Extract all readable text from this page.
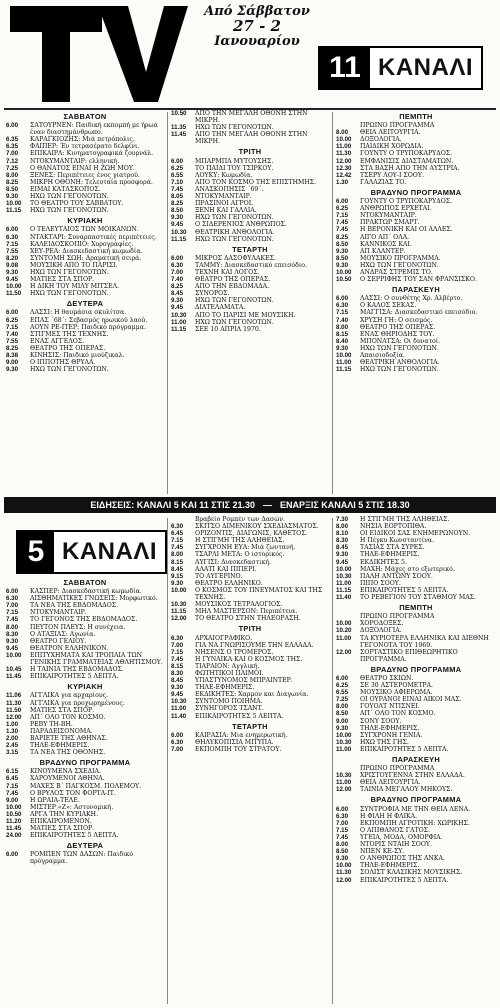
Από Σάββατον
27 - 2
Ιανουαρίου
11 ΚΑΝΑΛΙ
ΣΑΒΒΑΤΟΝ
6.00	ΣΑΤΟΥΡΝΕΝ: Παιδική εκπομπή με ήρωα έναν διαστημάνθρωπο.
6.35	ΚΑΡΑΓΚΙΟΖΗΣ: Μιά πετρόπολις.
6.35	ΦΑΙΠΕΡ: Έν τετρασέρατο δελφίνι.
7.00	ΕΠΙΚΑΙΡΑ: Κινηματογραφικά ζουρνάλ.
7.12	ΝΤΟΚΥΜΑΝΤΑΙΡ: ελληνική.
7.25	Ο ΘΑΝΑΤΟΣ ΕΙΝΑΙ Η ΖΩΗ ΜΟΥ.
8.00	ΞΕΝΕΣ: Περιπέτειες ένος γιατρού.
8.25	ΜΙΚΡΗ ΟΘΟΝΗ: Τελευταία προσφορά.
8.50	ΕΙΜΑΙ ΚΑΤΑΣΚΟΠΟΣ.
9.30	ΗΧΩ ΤΩΝ ΓΕΓΟΝΟΤΩΝ.
10.00	ΤΟ ΘΕΑΤΡΟ ΤΟΥ ΣΑΒΒΑΤΟΥ.
11.15	ΗΧΩ ΤΩΝ ΓΕΓΟΝΟΤΩΝ.
ΚΥΡΙΑΚΗ
6.00	Ο ΤΕΛΕΥΤΑΙΟΣ ΤΩΝ ΜΟΙΚΑΝΩΝ.
6.30	ΝΤΑΚΤΑΡΙ: Συναρπαστικές περιπέτειες.
7.15	ΚΑΛΕΙΔΟΣΚΟΠΙΟ: Χορογραφίες.
7.55	ΧΕΥ-ΡΕΑ: Διασκεδαστική κωμωδία.
8.20	ΣΥΝΤΟΜΗ ΣΩΗ: Δραματική σειρά.
9.08	ΜΟΥΣΙΚΗ ΑΠΟ ΤΟ ΠΑΡΙΣΙ.
9.30	ΗΧΩ ΤΩΝ ΓΕΓΟΝΟΤΩΝ.
9.45	ΜΑΤΙΕΣ ΣΤΑ ΣΠΟΡ.
10.00	Η ΔΙΚΗ ΤΟΥ ΜΙΛΥ ΜΙΤΣΕΛ.
11.50	ΗΧΩ ΤΩΝ ΓΕΓΟΝΟΤΩΝ.
ΔΕΥΤΕΡΑ
6.00	ΛΑΣΣΙ: Η θαυμάσια σκυλίτσα.
6.25	ΕΠΑΣ ΄68΄: Σεβασμός ηρωικού λαού.
7.15	ΑΟΥΝ ΡΕ-ΙΤΕΡ: Παιδικό πρόγραμμα.
7.40	ΣΤΙΓΜΕΣ ΤΗΣ ΤΕΧΝΗΣ.
7.55	ΕΝΑΣ ΑΓΓΕΛΟΣ.
8.25	ΘΕΑΤΡΟ ΤΗΣ ΟΠΕΡΑΣ.
8.38	ΚΙΝΗΣΙΣ: Παιδικό μιούζικαλ.
9.00	Ο ΙΠΠΟΤΗΣ ΘΡΥΛΑ.
9.30	ΗΧΩ ΤΩΝ ΓΕΓΟΝΟΤΩΝ.
10.50	ΑΠΟ ΤΗΝ ΜΕΓΑΛΗ ΟΘΟΝΗ ΣΤΗΝ ΜΙΚΡΗ.
11.35	ΗΧΩ ΤΩΝ ΓΕΓΟΝΟΤΩΝ.
11.45	ΑΠΟ ΤΗΝ ΜΕΓΑΛΗ ΟΘΟΝΗ ΣΤΗΝ ΜΙΚΡΗ.
ΤΡΙΤΗ
6.00	ΜΠΑΡΜΠΑ ΜΥΤΟΥΣΗΣ.
6.25	ΤΟ ΠΑΙΔΙ ΤΟΥ ΤΣΙΡΚΟΥ.
6.55	ΛΟΥΚΥ: Κωμωδία.
7.10	ΑΠΟ ΤΟΝ ΚΟΣΜΟ ΤΗΣ ΕΠΙΣΤΗΜΗΣ.
7.45	ΑΝΑΣΚΟΠΗΣΙΣ ΄69΄.
8.05	ΝΤΟΚΥΜΑΝΤΑΙΡ.
8.25	ΠΡΑΣΙΝΟΙ ΑΓΡΟΙ.
8.50	ΞΕΝΗ ΚΑΙ ΓΑΛΛΙΑ.
9.30	ΗΧΩ ΤΩΝ ΓΕΓΟΝΟΤΩΝ.
9.45	Ο ΣΙΔΕΡΕΝΙΟΣ ΑΝΘΡΩΠΟΣ.
10.30	ΘΕΑΤΡΙΚΗ ΑΝΘΟΛΟΓΙΑ.
11.15	ΗΧΩ ΤΩΝ ΓΕΓΟΝΟΤΩΝ.
ΤΕΤΑΡΤΗ
6.00	ΜΙΚΡΟΣ ΔΑΣΟΦΥΛΑΚΕΣ.
6.30	ΤΑΜΜΥ: Διασκεδαστικό επεισόδιο.
7.00	ΤΕΧΝΗ ΚΑΙ ΛΟΓΟΣ.
7.40	ΘΕΑΤΡΟ ΤΗΣ ΟΠΕΡΑΣ.
8.25	ΑΠΟ ΤΗΝ ΕΒΔΟΜΑΔΑ.
8.45	ΣΥΝΟΡΟΣ.
9.30	ΗΧΩ ΤΩΝ ΓΕΓΟΝΟΤΩΝ.
9.45	ΔΙΑΤΕΛΑΜΑΤΑ.
10.30	ΑΠΟ ΤΟ ΠΑΡΙΣΙ ΜΕ ΜΟΥΣΙΚΗ.
11.00	ΗΧΩ ΤΩΝ ΓΕΓΟΝΟΤΩΝ.
11.15	ΣΕΕ 10 ΑΠΡΙΛ 1970.
ΠΕΜΠΤΗ
ΠΡΩΙΝΟ ΠΡΟΓΡΑΜΜΑ
8.00	ΘΕΙΑ ΛΕΙΤΟΥΡΓΙΑ.
10.00	ΔΟΞΟΛΟΓΙΑ.
11.00	ΠΑΙΔΙΚΗ ΧΟΡΩΔΙΑ.
11.30	ΓΟΥΝΤΥ Ο ΤΡΥΠΟΚΑΡΥΔΟΣ.
12.00	ΕΜΦΑΝΙΣΙΣ ΔΙΑΣΤΑΜΑΤΩΝ.
12.30	ΣΤΑ ΒΑΣΗ ΑΠΟ ΤΗΝ ΑΥΣΤΡΙΑ.
12.42	ΤΣΕΡΥ ΛΟΥ-Ι ΣΟΟΥ.
1.30	ΓΑΛΑΖΙΑΣ ΤΟ.
ΒΡΑΔΥΝΟ ΠΡΟΓΡΑΜΜΑ
6.00	ΓΟΥΝΤΥ Ο ΤΡΥΠΟΚΑΡΥΔΟΣ.
6.25	ΑΝΘΡΩΠΟΣ ΕΡΧΕΤΑΙ.
7.15	ΝΤΟΚΥΜΑΝΤΑΙΡ.
7.45	ΠΡΑΚΤΩΡ ΣΜΑΡΤ.
7.45	Η ΒΕΡΟΝΙΚΗ ΚΑΙ ΟΙ ΑΛΛΕΣ.
8.25	ΑΙΓΟ ΑΠ΄ ΟΛΑ.
8.50	ΚΑΝΝΙΚΟΣ ΚΑΙ.
9.30	ΑΠ ΚΛΑΝΤΕΡ.
8.50	ΜΟΥΣΙΚΟ ΠΡΟΓΡΑΜΜΑ.
9.30	ΗΧΩ ΤΩΝ ΓΕΓΟΝΟΤΩΝ.
10.00	ΑΝΔΡΑΣ ΣΤΡΕΜΙΣ ΤΟ.
10.50	Ο ΣΕΡΡΙΦΗΣ ΤΟΥ ΣΑΝ ΦΡΑΝΣΙΣΚΟ.
ΠΑΡΑΣΚΕΥΗ
6.00	ΛΑΣΣΙ: Ο συνθέτης Χρ. Αλβέρτο.
6.30	Ο ΚΑΛΟΣ ΣΕΚΑΣ.
7.15	ΜΑΓΓΙΣΑ: Διασκεδαστικό επεισόδιο.
7.40	ΧΡΥΣΗ ΓΗ: Ο σεισμός.
8.00	ΘΕΑΤΡΟ ΤΗΣ ΟΠΕΡΑΣ.
8.15	ΕΝΑΣ ΘΗΡΙΟΔΗΣ ΤΟΥ.
8.40	ΜΠΟΝΑΤΣΑ: Οι δυνατοί.
9.30	ΗΧΩ ΤΩΝ ΓΕΓΟΝΟΤΩΝ.
10.00	Απαισιοδοξία.
11.00	ΘΕΑΤΡΙΚΗ ΑΝΘΟΛΟΓΙΑ.
11.15	ΗΧΩ ΤΩΝ ΓΕΓΟΝΟΤΩΝ.
ΕΙΔΗΣΕΙΣ: ΚΑΝΑΛΙ 5 ΚΑΙ 11 ΣΤΙΣ 21.30 — ΕΝΑΡΞΙΣ ΚΑΝΑΛΙ 5 ΣΤΙΣ 18.30
5 ΚΑΝΑΛΙ
ΣΑΒΒΑΤΟΝ
6.00	ΚΑΣΠΕΡ: Διασκεδαστική κωμωδία.
6.30	ΑΙΣΘΗΜΑΤΙΚΕΣ ΓΝΩΣΕΙΣ: Μορφωτικό.
7.00	ΤΑ ΝΕΑ ΤΗΣ ΕΒΔΟΜΑΔΟΣ.
7.15	ΝΤΟΚΥΜΑΝΤΑΙΡ.
7.45	ΤΟ ΓΕΓΟΝΟΣ ΤΗΣ ΕΒΔΟΜΑΔΟΣ.
8.00	ΠΕΥΤΟΝ ΠΛΕΥΣ: Η συνέχεια.
8.30	Ο ΑΤΑΞΙΑΣ: Αγωνία.
9.30	ΘΕΑΤΡΟ ΓΕΛΙΟΥ.
9.45	ΘΕΑΤΡΟΝ ΕΛΛΗΝΙΚΟΝ.
10.00	ΕΠΙΤΥΧΗΜΑΤΑ ΚΑΙ ΤΡΟΠΑΙΑ ΤΩΝ ΓΕΝΙΚΗΣ ΓΡΑΜΜΑΤΕΙΑΣ ΑΘΛΗΤΙΣΜΟΥ.
10.45	Η ΤΑΙΝΙΑ ΤΗΣ ΕΒΔΟΜΑΔΟΣ.
11.45	ΕΠΙΚΑΙΡΟΤΗΤΕΣ 5 ΛΕΠΤΑ.
ΚΥΡΙΑΚΗ
11.06	ΑΓΓΛΙΚΑ για αρχαρίους.
11.30	ΑΓΓΛΙΚΑ για προχωρημένους.
11.50	ΜΑΤΙΕΣ ΣΤΑ ΣΠΟΡ.
12.00	ΑΠ΄ ΟΛΟ ΤΟΝ ΚΟΣΜΟ.
1.00	ΡΕΒΥ ΤΗ-ΒΗ.
1.30	ΠΑΡΑΔΕΙΣΟΝΟΜΑ.
2.00	ΒΑΡΙΕΤΕ ΤΗΣ ΑΘΗΝΑΣ.
2.45	ΤΗΛΕ-ΕΦΗΜΕΡΙΣ.
3.15	ΤΑ ΝΕΑ ΤΗΣ ΟΘΟΝΗΣ.
ΒΡΑΔΥΝΟ ΠΡΟΓΡΑΜΜΑ
6.15	ΚΙΝΟΥΜΕΝΑ ΣΧΕΔΙΑ.
6.45	ΧΑΡΟΥΜΕΝΟΙ ΑΘΗΝΑ.
7.15	ΜΑΧΕΣ Β΄ ΠΑΓΚΟΣΜ. ΠΟΛΕΜΟΥ.
7.45	Ο ΒΡΥΛΟΣ ΤΟΝ ΦΟΡΤΑ-ΙΤ.
9.00	Η ΩΡΑΙΑ-ΤΕΛΕ.
10.00	ΜΙΣΤΕΡ «Ζ»: Αστυνομική.
10.50	ΑΡΓΑ ΤΗΝ ΚΥΡΙΑΚΗ.
11.20	ΕΠΙΚΑΙΡΟΜΕΝΟΝ.
11.45	ΜΑΤΙΕΣ ΣΤΑ ΣΠΟΡ.
24.00	ΕΠΙΚΑΙΡΟΤΗΤΕΣ 5 ΛΕΠΤΑ.
ΔΕΥΤΕΡΑ
6.00	ΡΟΜΠΕΝ ΤΩΝ ΔΑΣΩΝ: Παιδικό πρόγραμμα.
Βραβείο Ρομπέν των Δασών.
6.30	ΣΚΙΤΣΟ ΔΙΜΕΝΙΚΟΥ ΣΧΕΔΙΑΣΜΑΤΟΣ.
6.45	ΟΡΙΖΟΝΤΙΣ, ΔΙΑΓΩΝΙΣ, ΚΑΘΕΤΟΣ.
7.15	Η ΣΤΙΓΜΗ ΤΗΣ ΑΛΗΘΕΙΑΣ.
7.45	ΣΥΓΧΡΟΝΗ ΕΥΑ: Μιά ζωντανή.
8.00	ΤΣΑΡΛΙ ΜΕΤΑ: Ο ιστορικός.
8.15	ΑΥΓΙΣΙ: Διασκεδαστική.
8.45	ΑΛΑΤΙ ΚΑΙ ΠΙΠΕΡΙ.
9.15	ΤΟ ΑΥΓΕΡΙΝΟ.
9.30	ΘΕΑΤΡΟ ΕΛΛΗΝΙΚΟ.
10.00	Ο ΚΟΣΜΟΣ ΤΟΥ ΠΝΕΥΜΑΤΟΣ ΚΑΙ ΤΗΣ ΤΕΧΝΗΣ.
10.30	ΜΟΥΣΙΚΟΣ ΤΕΤΡΑΛΟΓΙΟΣ.
11.15	ΜΗΛ ΜΑΣΤΕΡΣΟΝ: Περιπέτεια.
12.00	ΤΟ ΘΕΑΤΡΟ ΣΤΗΝ ΤΗΛΕΟΡΑΣΗ.
ΤΡΙΤΗ
6.30	ΑΡΧΑΙΟΓΡΑΦΙΚΟ.
7.00	ΓΙΑ ΝΑ ΓΝΩΡΙΣΟΥΜΕ ΤΗΝ ΕΛΛΑΔΑ.
7.15	ΝΗΣΕΝΣ Ο ΤΡΟΜΕΡΟΣ.
7.45	Η ΓΥΝΑΙΚΑ ΚΑΙ Ο ΚΟΣΜΟΣ ΤΗΣ.
8.15	ΤΙΑΡΑΙΟΝ: Αγγλική.
8.30	ΦΩΤΗΤΙΚΟΙ ΠΑΙΜΟΙ.
8.45	ΥΠΑΣΤΥΝΟΜΟΣ ΜΠΡΑΙΝΤΕΡ.
9.30	ΤΗΛΕ-ΕΦΗΜΕΡΙΣ.
9.45	ΕΚΔΙΚΗΤΕΣ: Χαρμον και Διαγωνία.
10.30	ΣΥΝΤΟΜΟ ΠΟΙΗΜΑ.
11.00	ΣΥΝΗΓΟΡΟΣ ΤΣΑΝΤ.
11.40	ΕΠΙΚΑΙΡΟΤΗΤΕΣ 5 ΛΕΠΤΑ.
ΤΕΤΑΡΤΗ
6.00	ΚΑΙΡΑΣΙΑ: Μια ενημερωτική.
6.30	ΘΗΛΥΚΟΠΙΣΙΑ ΜΙΤΥΠΑ.
7.00	ΕΚΠΟΜΠΗ ΤΟΥ ΣΤΡΑΤΟΥ.
7.30	Η ΣΤΙΓΜΗ ΤΗΣ ΑΛΗΘΕΙΑΣ.
8.00	ΝΗΣΙΑ ΕΟΡΤΟΠΙΘΑ.
8.10	ΟΙ ΕΙΔΙΚΟΙ ΣΑΣ ΕΝΗΜΕΡΩΝΟΥΝ.
8.30	Η Πέγκυ Κωνσταντίνα.
8.45	ΤΑΣΙΑΣ ΣΤΑ ΣΥΡΕΣ.
9.30	ΤΗΛΕ-ΕΦΗΜΕΡΙΣ.
9.45	ΕΚΔΙΚΗΤΕΣ 5.
10.00	ΜΑΧΗ: Μάχες στο εξωτερικό.
10.30	ΠΑΛΗ ΑΝΤΩΝΥ ΣΟΟΥ.
11.00	ΠΙΠΟ ΣΟΟΥ.
11.15	ΕΠΙΚΑΙΡΟΤΗΤΕΣ 5 ΛΕΠΤΑ.
11.40	ΤΟ ΡΕΒΕΓΙΟΝ ΤΟΥ ΣΤΑΘΜΟΥ ΜΑΣ.
ΠΕΜΠΤΗ
ΠΡΩΙΝΟ ΠΡΟΓΡΑΜΜΑ
10.00	ΧΟΡΟΔΟΞΕΣ.
10.20	ΔΟΞΟΛΟΓΙΑ.
11.00	ΤΑ ΚΥΡΙΟΤΕΡΑ ΕΛΛΗΝΙΚΑ ΚΑΙ ΔΙΕΘΝΗ ΓΕΓΟΝΟΤΑ ΤΟΥ 1969.
12.00	ΣΟΡΤΑΣΤΙΚΟ ΕΠΙΘΕΩΡΗΤΙΚΟ ΠΡΟΓΡΑΜΜΑ.
ΒΡΑΔΥΝΟ ΠΡΟΓΡΑΜΜΑ
6.00	ΘΕΑΤΡΟ ΣΚΙΩΝ.
6.25	ΣΕ 30 ΑΣΤΕΡΟΜΕΤΡΑ.
6.55	ΜΟΥΣΙΚΟ ΑΦΙΕΡΩΜΑ.
7.25	ΟΙ ΟΥΡΑΝΟΙ ΕΙΝΑΙ ΑΙΚΟΙ ΜΑΣ.
8.00	ΓΟΥΟΛΤ ΝΤΙΣΝΕΙ.
8.50	ΑΠ΄ ΟΛΟ ΤΟΝ ΚΟΣΜΟ.
9.00	ΣΟΝΥ ΣΟΟΥ.
9.30	ΤΗΛΕ-ΕΦΗΜΕΡΙΣ.
10.00	ΣΥΓΧΡΟΝΗ ΓΕΝΙΑ.
10.30	ΗΧΩ ΤΗΣ ΓΗΣ.
11.00	ΕΠΙΚΑΙΡΟΤΗΤΕΣ 5 ΛΕΠΤΑ.
ΠΑΡΑΣΚΕΥΗ
ΠΡΩΙΝΟ ΠΡΟΓΡΑΜΜΑ
10.30	ΧΡΙΣΤΟΥΓΕΝΝΑ ΣΤΗΝ ΕΛΛΑΔΑ.
11.00	ΘΕΙΑ ΛΕΙΤΟΥΡΓΙΑ.
12.00	ΤΑΙΝΙΑ ΜΕΓΑΛΟΥ ΜΗΚΟΥΣ.
ΒΡΑΔΥΝΟ ΠΡΟΓΡΑΜΜΑ
6.00	ΣΥΝΤΡΟΦΙΑ ΜΕ ΤΗΝ ΘΕΙΑ ΛΕΝΑ.
6.30	Η ΦΙΛΗ Η ΦΛΙΚΑ.
7.00	ΕΚΠΟΜΠΗ ΑΓΡΟΤΙΚΗ: ΧΩΡΙΚΗΣ.
7.15	Ο ΑΠΙΘΑΝΟΣ ΓΑΤΟΣ.
7.45	ΥΓΕΙΑ, ΜΟΔΑ, ΟΜΟΡΦΙΑ.
8.00	ΝΤΟΡΙΣ ΝΤΑΙΗ ΣΟΟΥ.
8.50	ΝΠΕΝ ΚΕ-ΣΥ.
9.30	Ο ΑΝΘΡΩΠΟΣ ΤΗΣ ΑΝΚΑ.
10.00	ΤΗΛΕ-ΕΦΗΜΕΡΙΣ.
11.30	ΣΟΛΙΣΤ ΚΛΑΣΙΚΗΣ ΜΟΥΣΙΚΗΣ.
12.00	ΕΠΙΚΑΙΡΟΤΗΤΕΣ 5 ΛΕΠΤΑ.
